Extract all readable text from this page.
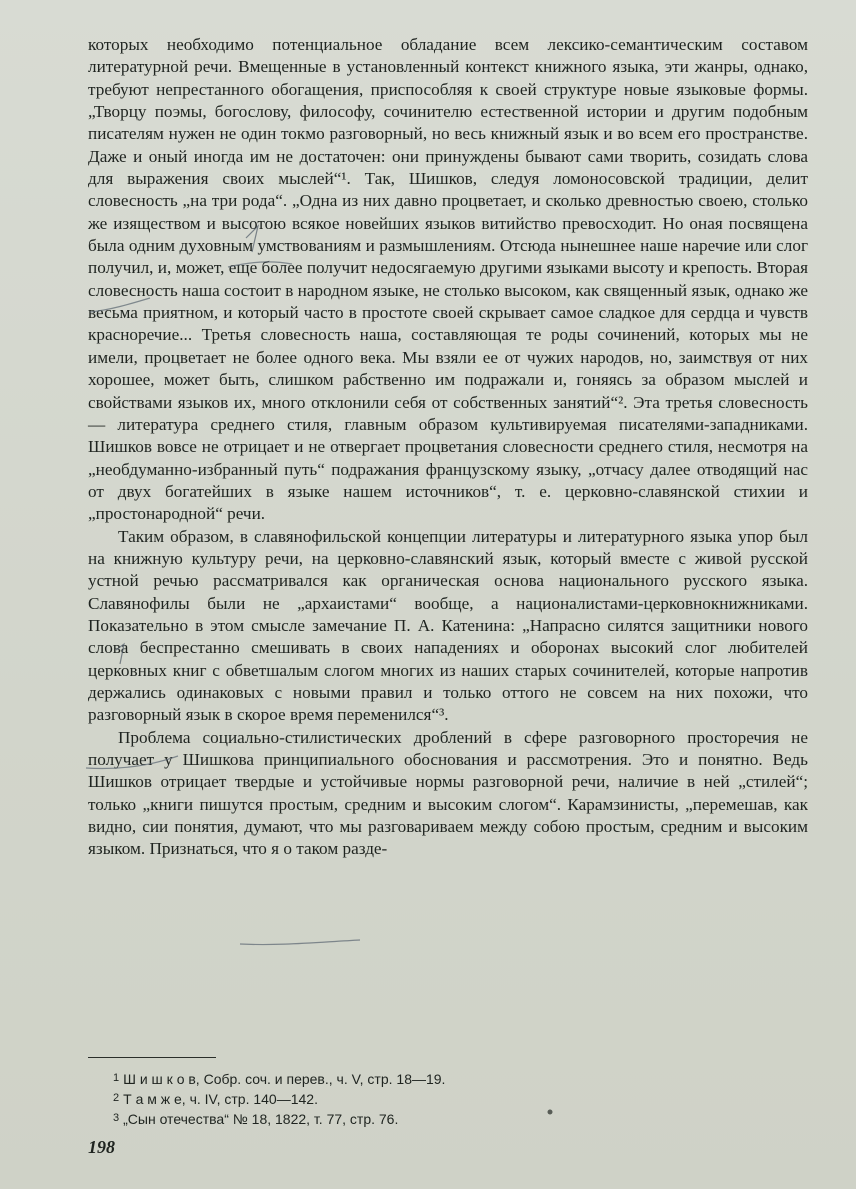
которых необходимо потенциальное обладание всем лексико-семантическим составом литературной речи. Вмещенные в установленный контекст книжного языка, эти жанры, однако, требуют непрестанного обогащения, приспособляя к своей структуре новые языковые формы. „Творцу поэмы, богослову, философу, сочинителю естественной истории и другим подобным писателям нужен не один токмо разговорный, но весь книжный язык и во всем его пространстве. Даже и оный иногда им не достаточен: они принуждены бывают сами творить, созидать слова для выражения своих мыслей“¹. Так, Шишков, следуя ломоносовской традиции, делит словесность „на три рода“. „Одна из них давно процветает, и сколько древностью своею, столько же изяществом и высотою всякое новейших языков витийство превосходит. Но оная посвящена была одним духовным умствованиям и размышлениям. Отсюда нынешнее наше наречие или слог получил, и, может, еще более получит недосягаемую другими языками высоту и крепость. Вторая словесность наша состоит в народном языке, не столько высоком, как священный язык, однако же весьма приятном, и который часто в простоте своей скрывает самое сладкое для сердца и чувств красноречие... Третья словесность наша, составляющая те роды сочинений, которых мы не имели, процветает не более одного века. Мы взяли ее от чужих народов, но, заимствуя от них хорошее, может быть, слишком рабственно им подражали и, гоняясь за образом мыслей и свойствами языков их, много отклонили себя от собственных занятий“². Эта третья словесность — литература среднего стиля, главным образом культивируемая писателями-западниками. Шишков вовсе не отрицает и не отвергает процветания словесности среднего стиля, несмотря на „необдуманно-избранный путь“ подражания французскому языку, „отчасу далее отводящий нас от двух богатейших в языке нашем источников“, т. е. церковно-славянской стихии и „простонародной“ речи.

Таким образом, в славянофильской концепции литературы и литературного языка упор был на книжную культуру речи, на церковно-славянский язык, который вместе с живой русской устной речью рассматривался как органическая основа национального русского языка. Славянофилы были не „архаистами“ вообще, а националистами-церковнокнижниками. Показательно в этом смысле замечание П. А. Катенина: „Напрасно силятся защитники нового слова беспрестанно смешивать в своих нападениях и оборонах высокий слог любителей церковных книг с обветшалым слогом многих из наших старых сочинителей, которые напротив держались одинаковых с новыми правил и только оттого не совсем на них похожи, что разговорный язык в скорое время переменился“³.

Проблема социально-стилистических дроблений в сфере разговорного просторечия не получает у Шишкова принципиального обоснования и рассмотрения. Это и понятно. Ведь Шишков отрицает твердые и устойчивые нормы разговорной речи, наличие в ней „стилей“; только „книги пишутся простым, средним и высоким слогом“. Карамзинисты, „перемешав, как видно, сии понятия, думают, что мы разговариваем между собою простым, средним и высоким языком. Признаться, что я о таком разде-

$^1$ Ш и ш к о в, Собр. соч. и перев., ч. V, стр. 18—19.
$^2$ Т а м ж е, ч. IV, стр. 140—142.
$^3$ „Сын отечества“ № 18, 1822, т. 77, стр. 76.
198
